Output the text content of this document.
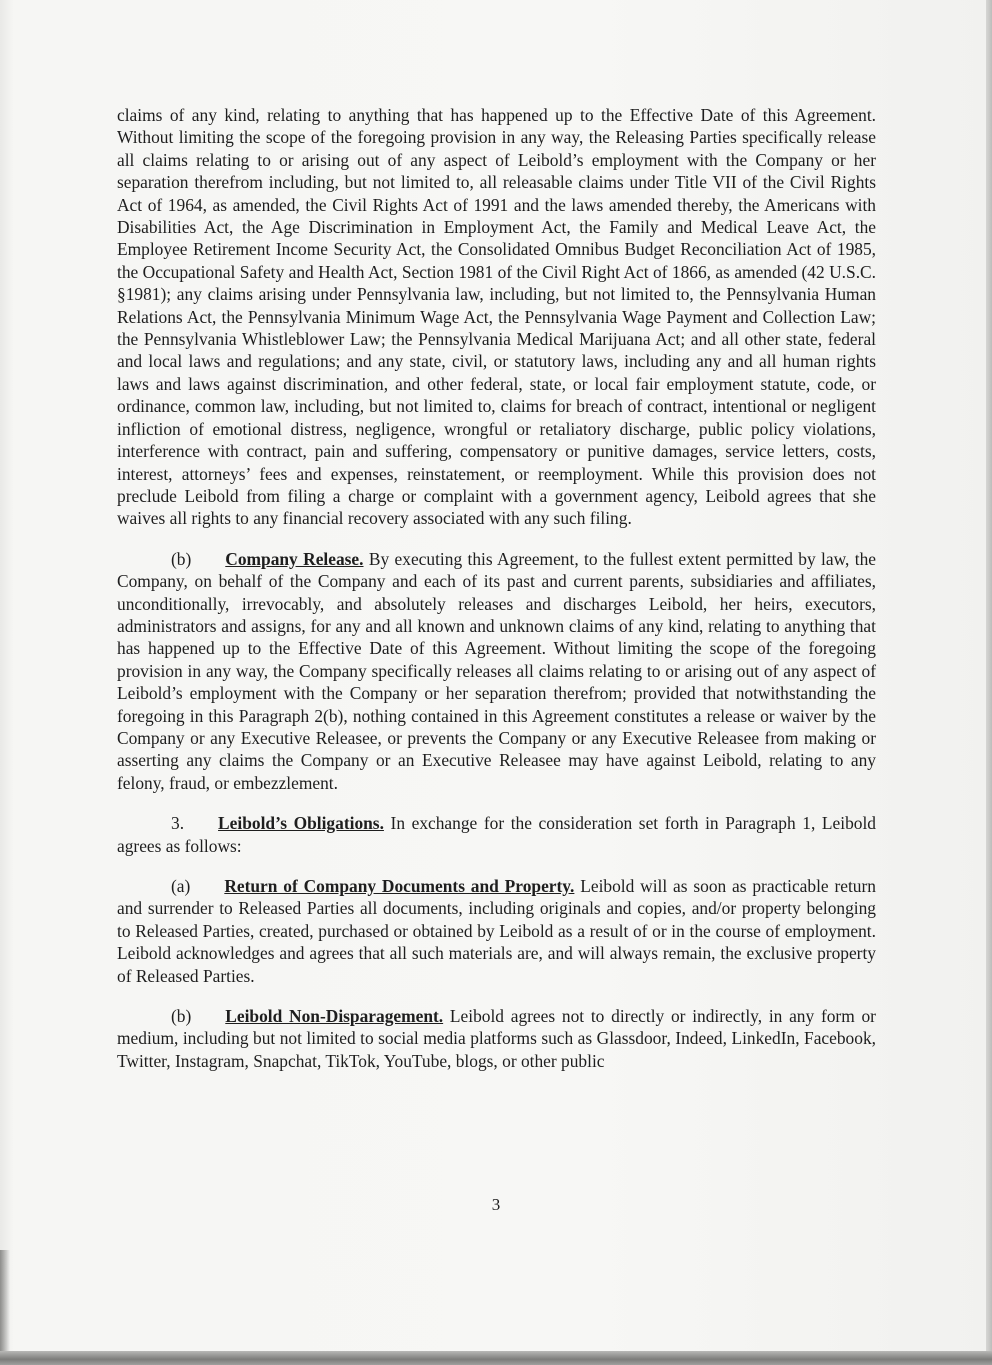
claims of any kind, relating to anything that has happened up to the Effective Date of this Agreement. Without limiting the scope of the foregoing provision in any way, the Releasing Parties specifically release all claims relating to or arising out of any aspect of Leibold’s employment with the Company or her separation therefrom including, but not limited to, all releasable claims under Title VII of the Civil Rights Act of 1964, as amended, the Civil Rights Act of 1991 and the laws amended thereby, the Americans with Disabilities Act, the Age Discrimination in Employment Act, the Family and Medical Leave Act, the Employee Retirement Income Security Act, the Consolidated Omnibus Budget Reconciliation Act of 1985, the Occupational Safety and Health Act, Section 1981 of the Civil Right Act of 1866, as amended (42 U.S.C. §1981); any claims arising under Pennsylvania law, including, but not limited to, the Pennsylvania Human Relations Act, the Pennsylvania Minimum Wage Act, the Pennsylvania Wage Payment and Collection Law; the Pennsylvania Whistleblower Law; the Pennsylvania Medical Marijuana Act; and all other state, federal and local laws and regulations; and any state, civil, or statutory laws, including any and all human rights laws and laws against discrimination, and other federal, state, or local fair employment statute, code, or ordinance, common law, including, but not limited to, claims for breach of contract, intentional or negligent infliction of emotional distress, negligence, wrongful or retaliatory discharge, public policy violations, interference with contract, pain and suffering, compensatory or punitive damages, service letters, costs, interest, attorneys’ fees and expenses, reinstatement, or reemployment. While this provision does not preclude Leibold from filing a charge or complaint with a government agency, Leibold agrees that she waives all rights to any financial recovery associated with any such filing.

(b) Company Release. By executing this Agreement, to the fullest extent permitted by law, the Company, on behalf of the Company and each of its past and current parents, subsidiaries and affiliates, unconditionally, irrevocably, and absolutely releases and discharges Leibold, her heirs, executors, administrators and assigns, for any and all known and unknown claims of any kind, relating to anything that has happened up to the Effective Date of this Agreement. Without limiting the scope of the foregoing provision in any way, the Company specifically releases all claims relating to or arising out of any aspect of Leibold’s employment with the Company or her separation therefrom; provided that notwithstanding the foregoing in this Paragraph 2(b), nothing contained in this Agreement constitutes a release or waiver by the Company or any Executive Releasee, or prevents the Company or any Executive Releasee from making or asserting any claims the Company or an Executive Releasee may have against Leibold, relating to any felony, fraud, or embezzlement.

3. Leibold’s Obligations. In exchange for the consideration set forth in Paragraph 1, Leibold agrees as follows:

(a) Return of Company Documents and Property. Leibold will as soon as practicable return and surrender to Released Parties all documents, including originals and copies, and/or property belonging to Released Parties, created, purchased or obtained by Leibold as a result of or in the course of employment. Leibold acknowledges and agrees that all such materials are, and will always remain, the exclusive property of Released Parties.

(b) Leibold Non-Disparagement. Leibold agrees not to directly or indirectly, in any form or medium, including but not limited to social media platforms such as Glassdoor, Indeed, LinkedIn, Facebook, Twitter, Instagram, Snapchat, TikTok, YouTube, blogs, or other public

3
